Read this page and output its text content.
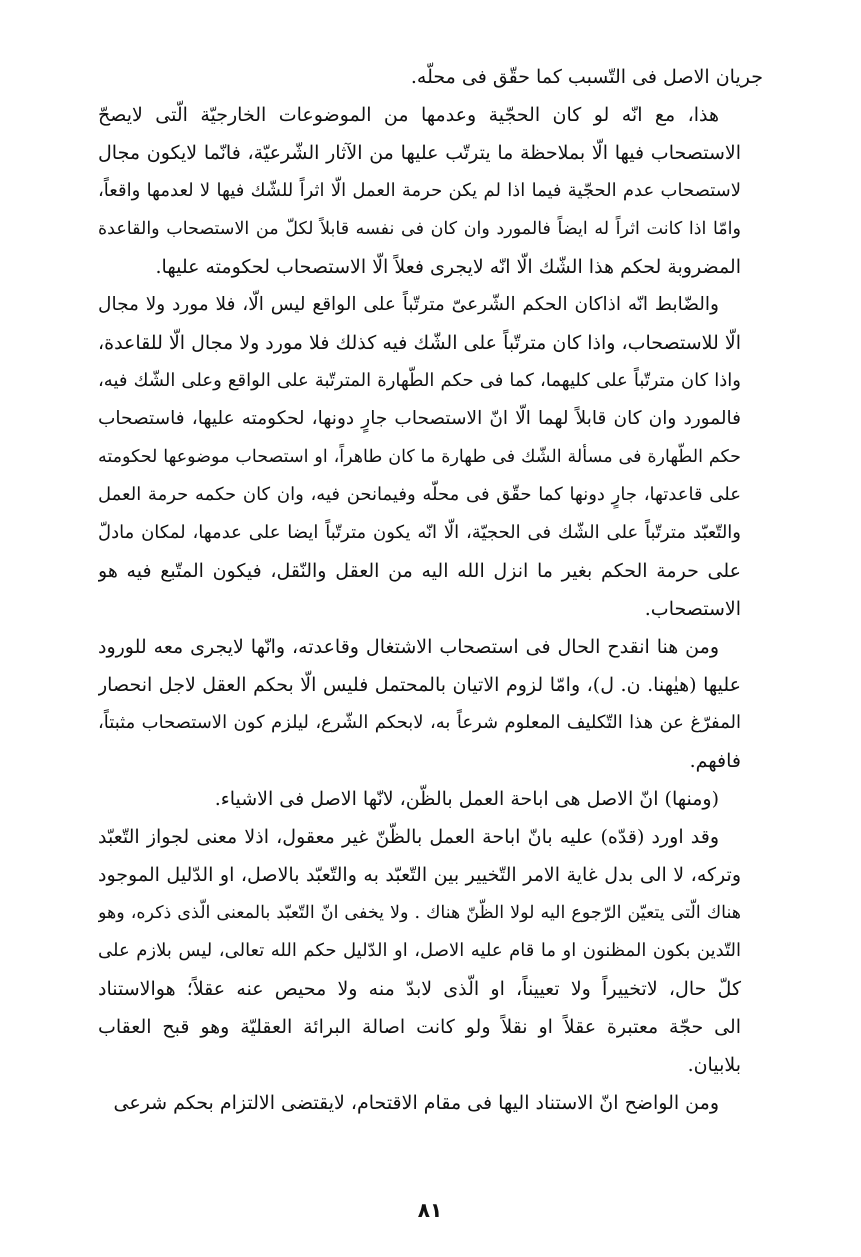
جريان الاصل فى التّسبب كما حقّق فى محلّه.
هذا، مع انّه لو كان الحجّية وعدمها من الموضوعات الخارجيّة الّتى لايصحّ
الاستصحاب فيها الّا بملاحظة ما يترتّب عليها من الآثار الشّرعيّة، فانّما لايكون مجال
لاستصحاب عدم الحجّية فيما اذا لم يكن حرمة العمل الّا اثراً للشّك فيها لا لعدمها واقعاً،
وامّا اذا كانت اثراً له ايضاً فالمورد وان كان فى نفسه قابلاً لكلّ من الاستصحاب والقاعدة
المضروبة لحكم هذا الشّك الّا انّه لايجرى فعلاً الّا الاستصحاب لحكومته عليها.
والضّابط انّه اذاكان الحكم الشّرعىّ مترتّباً على الواقع ليس الّا، فلا مورد ولا مجال
الّا للاستصحاب، واذا كان مترتّباً على الشّك فيه كذلك فلا مورد ولا مجال الّا للقاعدة،
واذا كان مترتّباً على كليهما، كما فى حكم الطّهارة المترتّبة على الواقع وعلى الشّك فيه،
فالمورد وان كان قابلاً لهما الّا انّ الاستصحاب جارٍ دونها، لحكومته عليها، فاستصحاب
حكم الطّهارة فى مسألة الشّك فى طهارة ما كان طاهراً، او استصحاب موضوعها لحكومته
على قاعدتها، جارٍ دونها كما حقّق فى محلّه وفيمانحن فيه، وان كان حكمه حرمة العمل
والتّعبّد مترتّباً على الشّك فى الحجيّة، الّا انّه يكون مترتّباً ايضا على عدمها، لمكان مادلّ
على حرمة الحكم بغير ما انزل الله اليه من العقل والنّقل، فيكون المتّبع فيه هو
الاستصحاب.
ومن هنا انقدح الحال فى استصحاب الاشتغال وقاعدته، وانّها لايجرى معه للورود
عليها (هيٰهنا. ن. ل)، وامّا لزوم الاتيان بالمحتمل فليس الّا بحكم العقل لاجل انحصار
المفرّغ عن هذا التّكليف المعلوم شرعاً به، لابحكم الشّرع، ليلزم كون الاستصحاب مثبتاً،
فافهم.
(ومنها) انّ الاصل هى اباحة العمل بالظّن، لانّها الاصل فى الاشياء.
وقد اورد (قدّه) عليه بانّ اباحة العمل بالظّنّ غير معقول، اذلا معنى لجواز التّعبّد
وتركه، لا الى بدل غاية الامر التّخيير بين التّعبّد به والتّعبّد بالاصل، او الدّليل الموجود
هناك الّتى يتعيّن الرّجوع اليه لولا الظّنّ هناك . ولا يخفى انّ التّعبّد بالمعنى الّذى ذكره، وهو
التّدين بكون المظنون او ما قام عليه الاصل، او الدّليل حكم الله تعالى، ليس بلازم على
كلّ حال، لاتخييراً ولا تعييناً، او الّذى لابدّ منه ولا محيص عنه عقلاً؛ هوالاستناد
الى حجّة معتبرة عقلاً او نقلاً ولو كانت اصالة البرائة العقليّة وهو قبح العقاب
بلابيان.
ومن الواضح انّ الاستناد اليها فى مقام الاقتحام، لايقتضى الالتزام بحكم شرعى
٨١
